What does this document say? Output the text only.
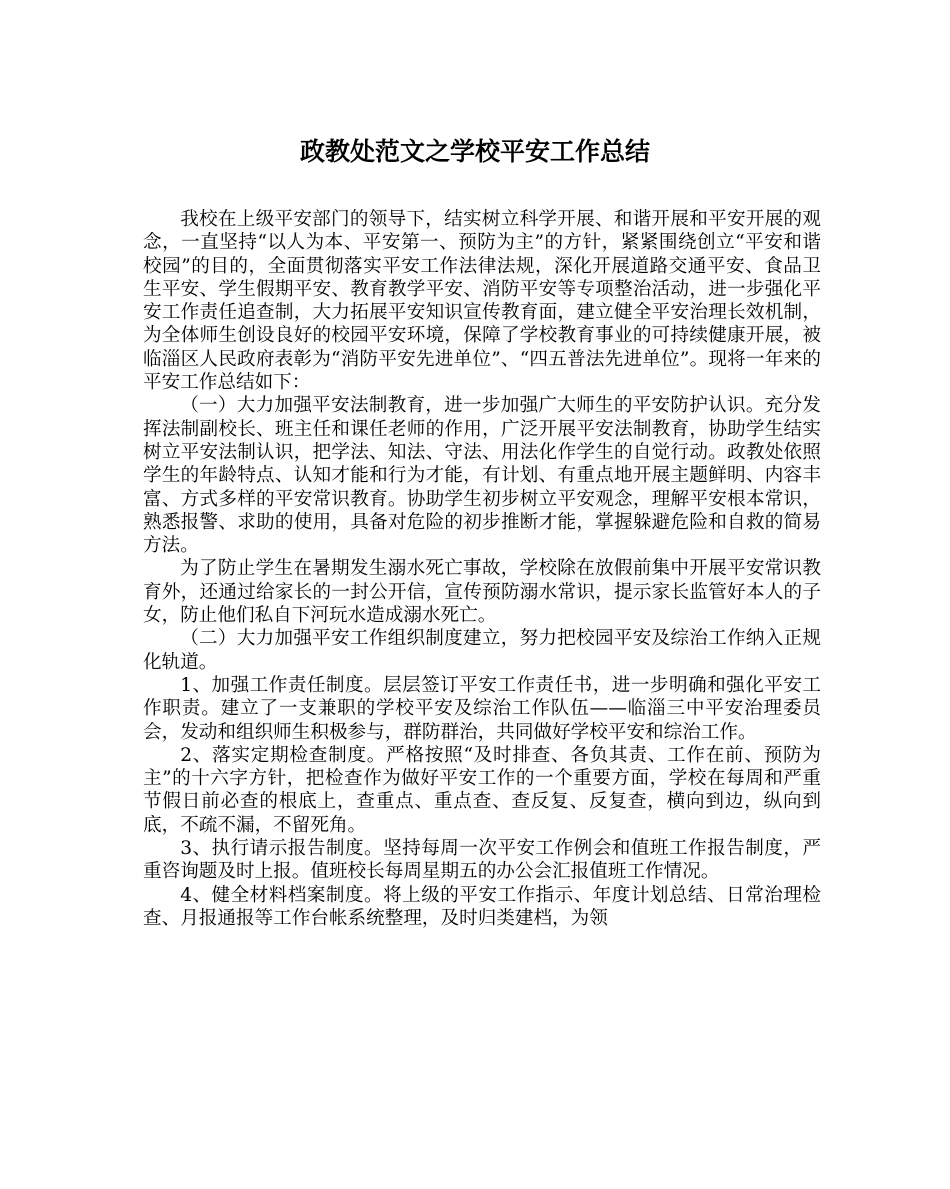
政教处范文之学校平安工作总结

我校在上级平安部门的领导下，结实树立科学开展、和谐开展和平安开展的观念，一直坚持“以人为本、平安第一、预防为主”的方针，紧紧围绕创立“平安和谐校园”的目的，全面贯彻落实平安工作法律法规，深化开展道路交通平安、食品卫生平安、学生假期平安、教育教学平安、消防平安等专项整治活动，进一步强化平安工作责任追查制，大力拓展平安知识宣传教育面，建立健全平安治理长效机制，为全体师生创设良好的校园平安环境，保障了学校教育事业的可持续健康开展，被临淄区人民政府表彰为“消防平安先进单位”、“四五普法先进单位”。现将一年来的平安工作总结如下：

（一）大力加强平安法制教育，进一步加强广大师生的平安防护认识。充分发挥法制副校长、班主任和课任老师的作用，广泛开展平安法制教育，协助学生结实树立平安法制认识，把学法、知法、守法、用法化作学生的自觉行动。政教处依照学生的年龄特点、认知才能和行为才能，有计划、有重点地开展主题鲜明、内容丰富、方式多样的平安常识教育。协助学生初步树立平安观念，理解平安根本常识，熟悉报警、求助的使用，具备对危险的初步推断才能，掌握躲避危险和自救的简易方法。

为了防止学生在暑期发生溺水死亡事故，学校除在放假前集中开展平安常识教育外，还通过给家长的一封公开信，宣传预防溺水常识，提示家长监管好本人的子女，防止他们私自下河玩水造成溺水死亡。

（二）大力加强平安工作组织制度建立，努力把校园平安及综治工作纳入正规化轨道。

1、加强工作责任制度。层层签订平安工作责任书，进一步明确和强化平安工作职责。建立了一支兼职的学校平安及综治工作队伍——临淄三中平安治理委员会，发动和组织师生积极参与，群防群治，共同做好学校平安和综治工作。

2、落实定期检查制度。严格按照“及时排查、各负其责、工作在前、预防为主”的十六字方针，把检查作为做好平安工作的一个重要方面，学校在每周和严重节假日前必查的根底上，查重点、重点查、查反复、反复查，横向到边，纵向到底，不疏不漏，不留死角。

3、执行请示报告制度。坚持每周一次平安工作例会和值班工作报告制度，严重咨询题及时上报。值班校长每周星期五的办公会汇报值班工作情况。

4、健全材料档案制度。将上级的平安工作指示、年度计划总结、日常治理检查、月报通报等工作台帐系统整理，及时归类建档，为领
